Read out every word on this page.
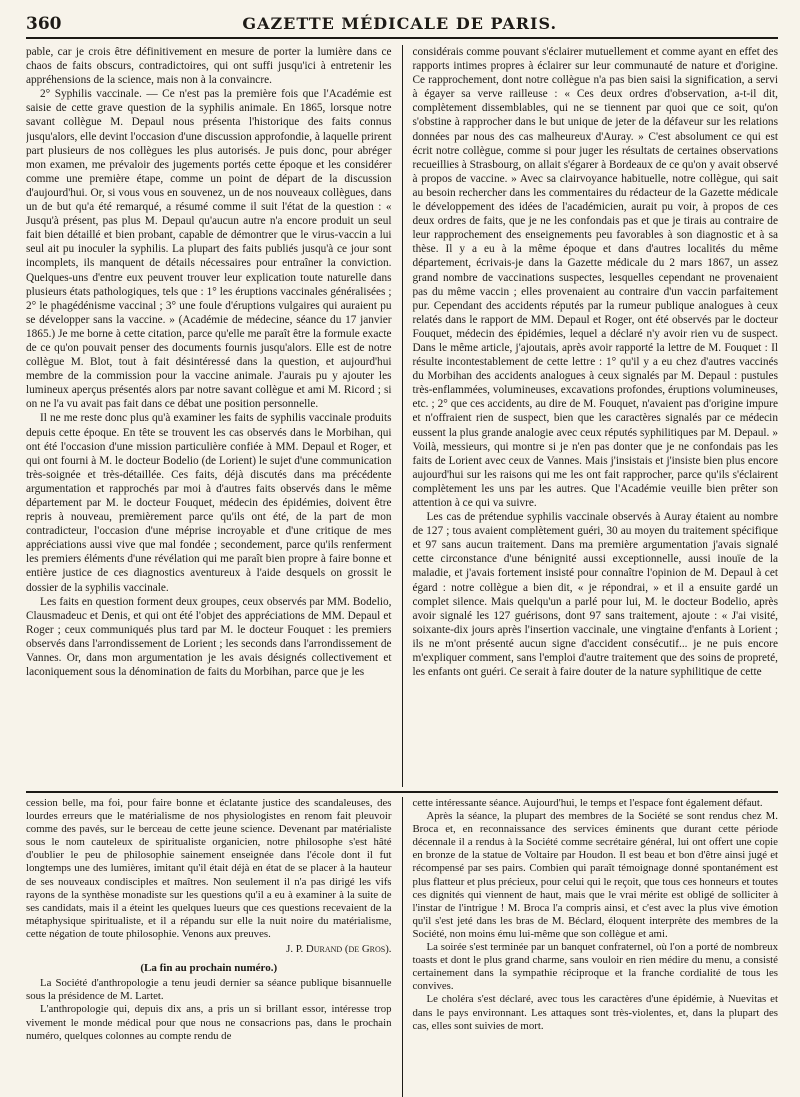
360	GAZETTE MÉDICALE DE PARIS.

pable, car je crois être définitivement en mesure de porter la lumière dans ce chaos de faits obscurs, contradictoires, qui ont suffi jusqu'ici à entretenir les appréhensions de la science, mais non à la convaincre.

2° Syphilis vaccinale. — Ce n'est pas la première fois que l'Académie est saisie de cette grave question de la syphilis animale. En 1865, lorsque notre savant collègue M. Depaul nous présenta l'historique des faits connus jusqu'alors, elle devint l'occasion d'une discussion approfondie, à laquelle prirent part plusieurs de nos collègues les plus autorisés. Je puis donc, pour abréger mon examen, me prévaloir des jugements portés cette époque et les considérer comme une première étape, comme un point de départ de la discussion d'aujourd'hui. Or, si vous vous en souvenez, un de nos nouveaux collègues, dans un de but qu'a été remarqué, a résumé comme il suit l'état de la question : « Jusqu'à présent, pas plus M. Depaul qu'aucun autre n'a encore produit un seul fait bien détaillé et bien probant, capable de démontrer que le virus-vaccin a lui seul ait pu inoculer la syphilis. La plupart des faits publiés jusqu'à ce jour sont incomplets, ils manquent de détails nécessaires pour entraîner la conviction. Quelques-uns d'entre eux peuvent trouver leur explication toute naturelle dans plusieurs états pathologiques, tels que : 1° les éruptions vaccinales généralisées ; 2° le phagédénisme vaccinal ; 3° une foule d'éruptions vulgaires qui auraient pu se développer sans la vaccine. » (Académie de médecine, séance du 17 janvier 1865.) Je me borne à cette citation, parce qu'elle me paraît être la formule exacte de ce qu'on pouvait penser des documents fournis jusqu'alors. Elle est de notre collègue M. Blot, tout à fait désintéressé dans la question, et aujourd'hui membre de la commission pour la vaccine animale. J'aurais pu y ajouter les lumineux aperçus présentés alors par notre savant collègue et ami M. Ricord ; si on ne l'a vu avait pas fait dans ce débat une position personnelle.

Il ne me reste donc plus qu'à examiner les faits de syphilis vaccinale produits depuis cette époque. En tête se trouvent les cas observés dans le Morbihan, qui ont été l'occasion d'une mission particulière confiée à MM. Depaul et Roger, et qui ont fourni à M. le docteur Bodelio (de Lorient) le sujet d'une communication très-soignée et très-détaillée. Ces faits, déjà discutés dans ma précédente argumentation et rapprochés par moi à d'autres faits observés dans le même département par M. le docteur Fouquet, médecin des épidémies, doivent être repris à nouveau, premièrement parce qu'ils ont été, de la part de mon contradicteur, l'occasion d'une méprise incroyable et d'une critique de mes appréciations aussi vive que mal fondée ; secondement, parce qu'ils renferment les premiers éléments d'une révélation qui me paraît bien propre à faire bonne et entière justice de ces diagnostics aventureux à l'aide desquels on grossit le dossier de la syphilis vaccinale.

Les faits en question forment deux groupes, ceux observés par MM. Bodelio, Clausmadeuc et Denis, et qui ont été l'objet des appréciations de MM. Depaul et Roger ; ceux communiqués plus tard par M. le docteur Fouquet : les premiers observés dans l'arrondissement de Lorient ; les seconds dans l'arrondissement de Vannes. Or, dans mon argumentation je les avais désignés collectivement et laconiquement sous la dénomination de faits du Morbihan, parce que je les

considérais comme pouvant s'éclairer mutuellement et comme ayant en effet des rapports intimes propres à éclairer sur leur communauté de nature et d'origine. Ce rapprochement, dont notre collègue n'a pas bien saisi la signification, a servi à égayer sa verve railleuse : « Ces deux ordres d'observation, a-t-il dit, complètement dissemblables, qui ne se tiennent par quoi que ce soit, qu'on s'obstine à rapprocher dans le but unique de jeter de la défaveur sur les relations données par nous des cas malheureux d'Auray. » C'est absolument ce qui est écrit notre collègue, comme si pour juger les résultats de certaines observations recueillies à Strasbourg, on allait s'égarer à Bordeaux de ce qu'on y avait observé à propos de vaccine. » Avec sa clairvoyance habituelle, notre collègue, qui sait au besoin rechercher dans les commentaires du rédacteur de la Gazette médicale le développement des idées de l'académicien, aurait pu voir, à propos de ces deux ordres de faits, que je ne les confondais pas et que je tirais au contraire de leur rapprochement des enseignements peu favorables à son diagnostic et à sa thèse. Il y a eu à la même époque et dans d'autres localités du même département, écrivais-je dans la Gazette médicale du 2 mars 1867, un assez grand nombre de vaccinations suspectes, lesquelles cependant ne provenaient pas du même vaccin ; elles provenaient au contraire d'un vaccin parfaitement pur. Cependant des accidents réputés par la rumeur publique analogues à ceux relatés dans le rapport de MM. Depaul et Roger, ont été observés par le docteur Fouquet, médecin des épidémies, lequel a déclaré n'y avoir rien vu de suspect. Dans le même article, j'ajoutais, après avoir rapporté la lettre de M. Fouquet : Il résulte incontestablement de cette lettre : 1° qu'il y a eu chez d'autres vaccinés du Morbihan des accidents analogues à ceux signalés par M. Depaul : pustules très-enflammées, volumineuses, excavations profondes, éruptions volumineuses, etc. ; 2° que ces accidents, au dire de M. Fouquet, n'avaient pas d'origine impure et n'offraient rien de suspect, bien que les caractères signalés par ce médecin eussent la plus grande analogie avec ceux réputés syphilitiques par M. Depaul. » Voilà, messieurs, qui montre si je n'en pas donter que je ne confondais pas les faits de Lorient avec ceux de Vannes. Mais j'insistais et j'insiste bien plus encore aujourd'hui sur les raisons qui me les ont fait rapprocher, parce qu'ils s'éclairent complètement les uns par les autres. Que l'Académie veuille bien prêter son attention à ce qui va suivre.

Les cas de prétendue syphilis vaccinale observés à Auray étaient au nombre de 127 ; tous avaient complètement guéri, 30 au moyen du traitement spécifique et 97 sans aucun traitement. Dans ma première argumentation j'avais signalé cette circonstance d'une bénignité aussi exceptionnelle, aussi inouïe de la maladie, et j'avais fortement insisté pour connaître l'opinion de M. Depaul à cet égard : notre collègue a bien dit, « je répondrai, » et il a ensuite gardé un complet silence. Mais quelqu'un a parlé pour lui, M. le docteur Bodelio, après avoir signalé les 127 guérisons, dont 97 sans traitement, ajoute : « J'ai visité, soixante-dix jours après l'insertion vaccinale, une vingtaine d'enfants à Lorient ; ils ne m'ont présenté aucun signe d'accident consécutif... je ne puis encore m'expliquer comment, sans l'emploi d'autre traitement que des soins de propreté, les enfants ont guéri. Ce serait à faire douter de la nature syphilitique de cette

cession belle, ma foi, pour faire bonne et éclatante justice des scandaleuses, des lourdes erreurs que le matérialisme de nos physiologistes en renom fait pleuvoir comme des pavés, sur le berceau de cette jeune science. Devenant par matérialiste sous le nom cauteleux de spiritualiste organicien, notre philosophe s'est hâté d'oublier le peu de philosophie sainement enseignée dans l'école dont il fut longtemps une des lumières, imitant qu'il était déjà en état de se placer à la hauteur de ses nouveaux condisciples et maîtres. Non seulement il n'a pas dirigé les vifs rayons de la synthèse monadiste sur les questions qu'il a eu à examiner à la suite de ses candidats, mais il a éteint les quelques lueurs que ces questions recevaient de la métaphysique spiritualiste, et il a répandu sur elle la nuit noire du matérialisme, cette négation de toute philosophie. Venons aux preuves.

J. P. Durand (de Gros).
(La fin au prochain numéro.)

La Société d'anthropologie a tenu jeudi dernier sa séance publique bisannuelle sous la présidence de M. Lartet.

L'anthropologie qui, depuis dix ans, a pris un si brillant essor, intéresse trop vivement le monde médical pour que nous ne consacrions pas, dans le prochain numéro, quelques colonnes au compte rendu de

cette intéressante séance. Aujourd'hui, le temps et l'espace font également défaut.

Après la séance, la plupart des membres de la Société se sont rendus chez M. Broca et, en reconnaissance des services éminents que durant cette période décennale il a rendus à la Société comme secrétaire général, lui ont offert une copie en bronze de la statue de Voltaire par Houdon. Il est beau et bon d'être ainsi jugé et récompensé par ses pairs. Combien qui paraît témoignage donné spontanément est plus flatteur et plus précieux, pour celui qui le reçoit, que tous ces honneurs et toutes ces dignités qui viennent de haut, mais que le vrai mérite est obligé de solliciter à l'instar de l'intrigue ! M. Broca l'a compris ainsi, et c'est avec la plus vive émotion qu'il s'est jeté dans les bras de M. Béclard, éloquent interprète des membres de la Société, non moins ému lui-même que son collègue et ami.

La soirée s'est terminée par un banquet confraternel, où l'on a porté de nombreux toasts et dont le plus grand charme, sans vouloir en rien médire du menu, a consisté certainement dans la sympathie réciproque et la franche cordialité de tous les convives.

Le choléra s'est déclaré, avec tous les caractères d'une épidémie, à Nuevitas et dans le pays environnant. Les attaques sont très-violentes, et, dans la plupart des cas, elles sont suivies de mort.
